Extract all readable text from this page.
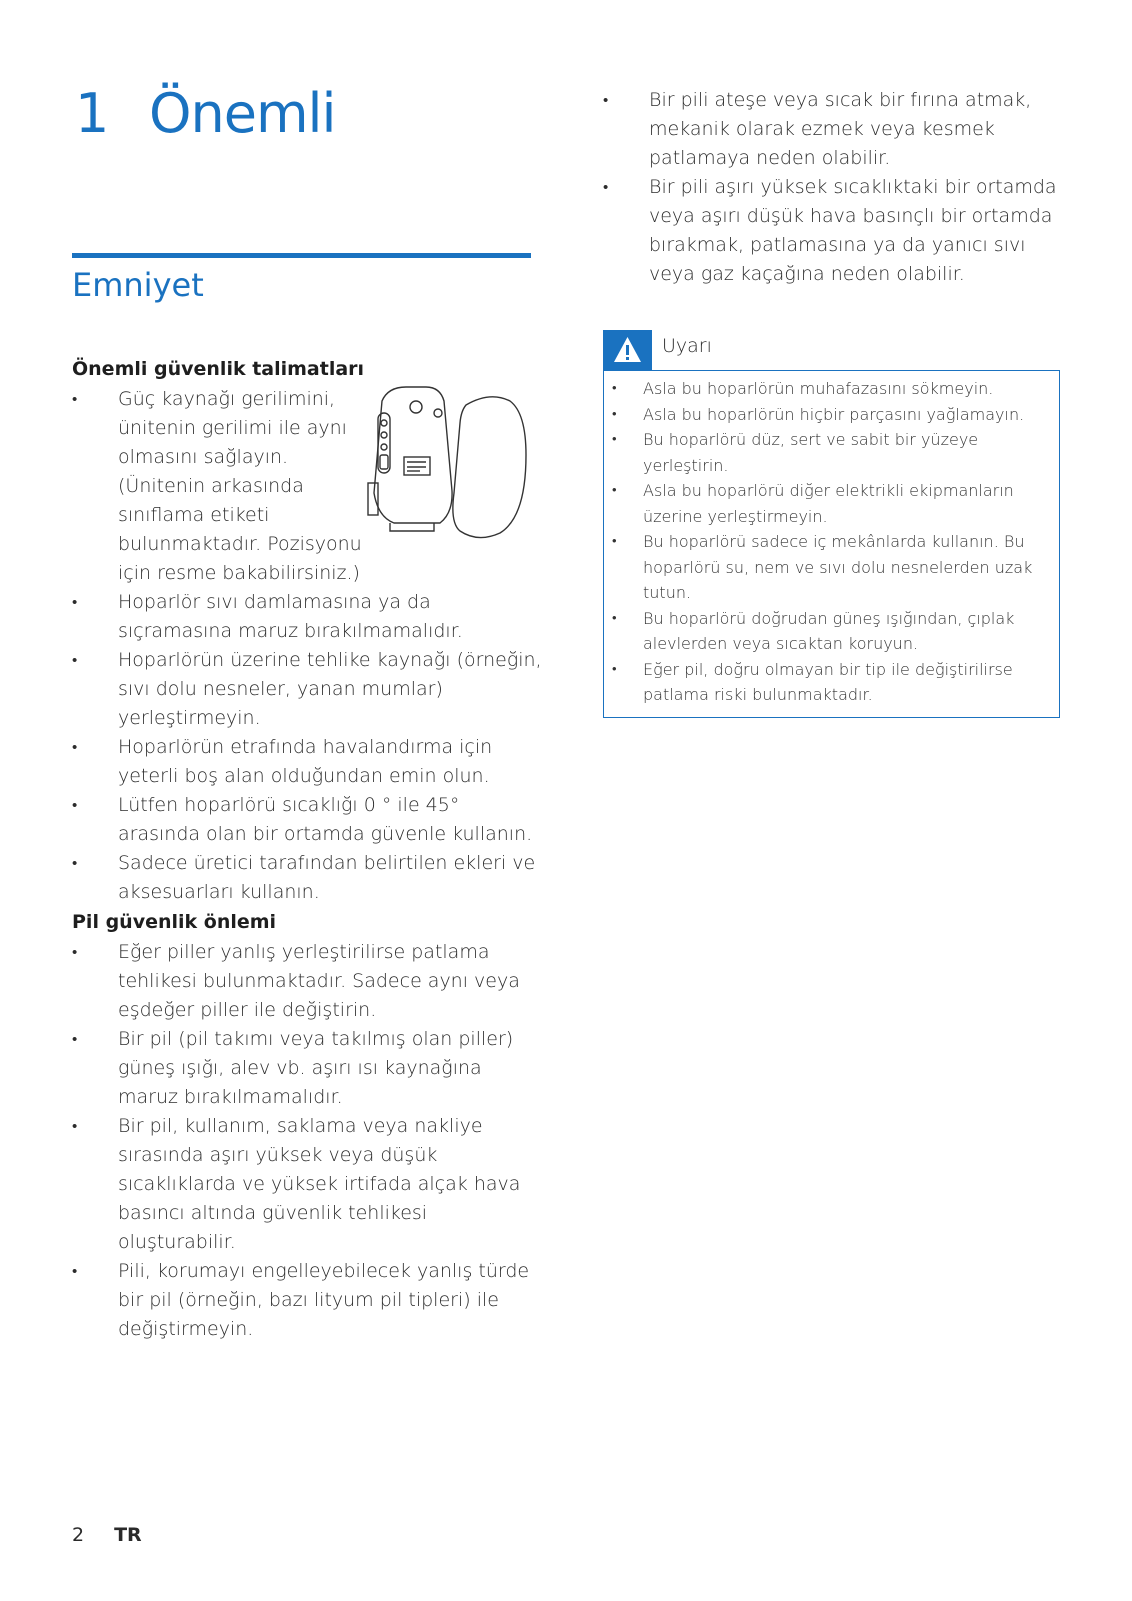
1 Önemli
Emniyet
Önemli güvenlik talimatları
• Güç kaynağı gerilimini, ünitenin gerilimi ile aynı olmasını sağlayın. (Ünitenin arkasında sınıflama etiketi bulunmaktadır. Pozisyonu için resme bakabilirsiniz.)
• Hoparlör sıvı damlamasına ya da sıçramasına maruz bırakılmamalıdır.
• Hoparlörün üzerine tehlike kaynağı (örneğin, sıvı dolu nesneler, yanan mumlar) yerleştirmeyin.
• Hoparlörün etrafında havalandırma için yeterli boş alan olduğundan emin olun.
• Lütfen hoparlörü sıcaklığı 0 ° ile 45° arasında olan bir ortamda güvenle kullanın.
• Sadece üretici tarafından belirtilen ekleri ve aksesuarları kullanın.
Pil güvenlik önlemi
• Eğer piller yanlış yerleştirilirse patlama tehlikesi bulunmaktadır. Sadece aynı veya eşdeğer piller ile değiştirin.
• Bir pil (pil takımı veya takılmış olan piller) güneş ışığı, alev vb. aşırı ısı kaynağına maruz bırakılmamalıdır.
• Bir pil, kullanım, saklama veya nakliye sırasında aşırı yüksek veya düşük sıcaklıklarda ve yüksek irtifada alçak hava basıncı altında güvenlik tehlikesi oluşturabilir.
• Pili, korumayı engelleyebilecek yanlış türde bir pil (örneğin, bazı lityum pil tipleri) ile değiştirmeyin.
• Bir pili ateşe veya sıcak bir fırına atmak, mekanik olarak ezmek veya kesmek patlamaya neden olabilir.
• Bir pili aşırı yüksek sıcaklıktaki bir ortamda veya aşırı düşük hava basınçlı bir ortamda bırakmak, patlamasına ya da yanıcı sıvı veya gaz kaçağına neden olabilir.
Uyarı
• Asla bu hoparlörün muhafazasını sökmeyin.
• Asla bu hoparlörün hiçbir parçasını yağlamayın.
• Bu hoparlörü düz, sert ve sabit bir yüzeye yerleştirin.
• Asla bu hoparlörü diğer elektrikli ekipmanların üzerine yerleştirmeyin.
• Bu hoparlörü sadece iç mekânlarda kullanın. Bu hoparlörü su, nem ve sıvı dolu nesnelerden uzak tutun.
• Bu hoparlörü doğrudan güneş ışığından, çıplak alevlerden veya sıcaktan koruyun.
• Eğer pil, doğru olmayan bir tip ile değiştirilirse patlama riski bulunmaktadır.
2 TR
